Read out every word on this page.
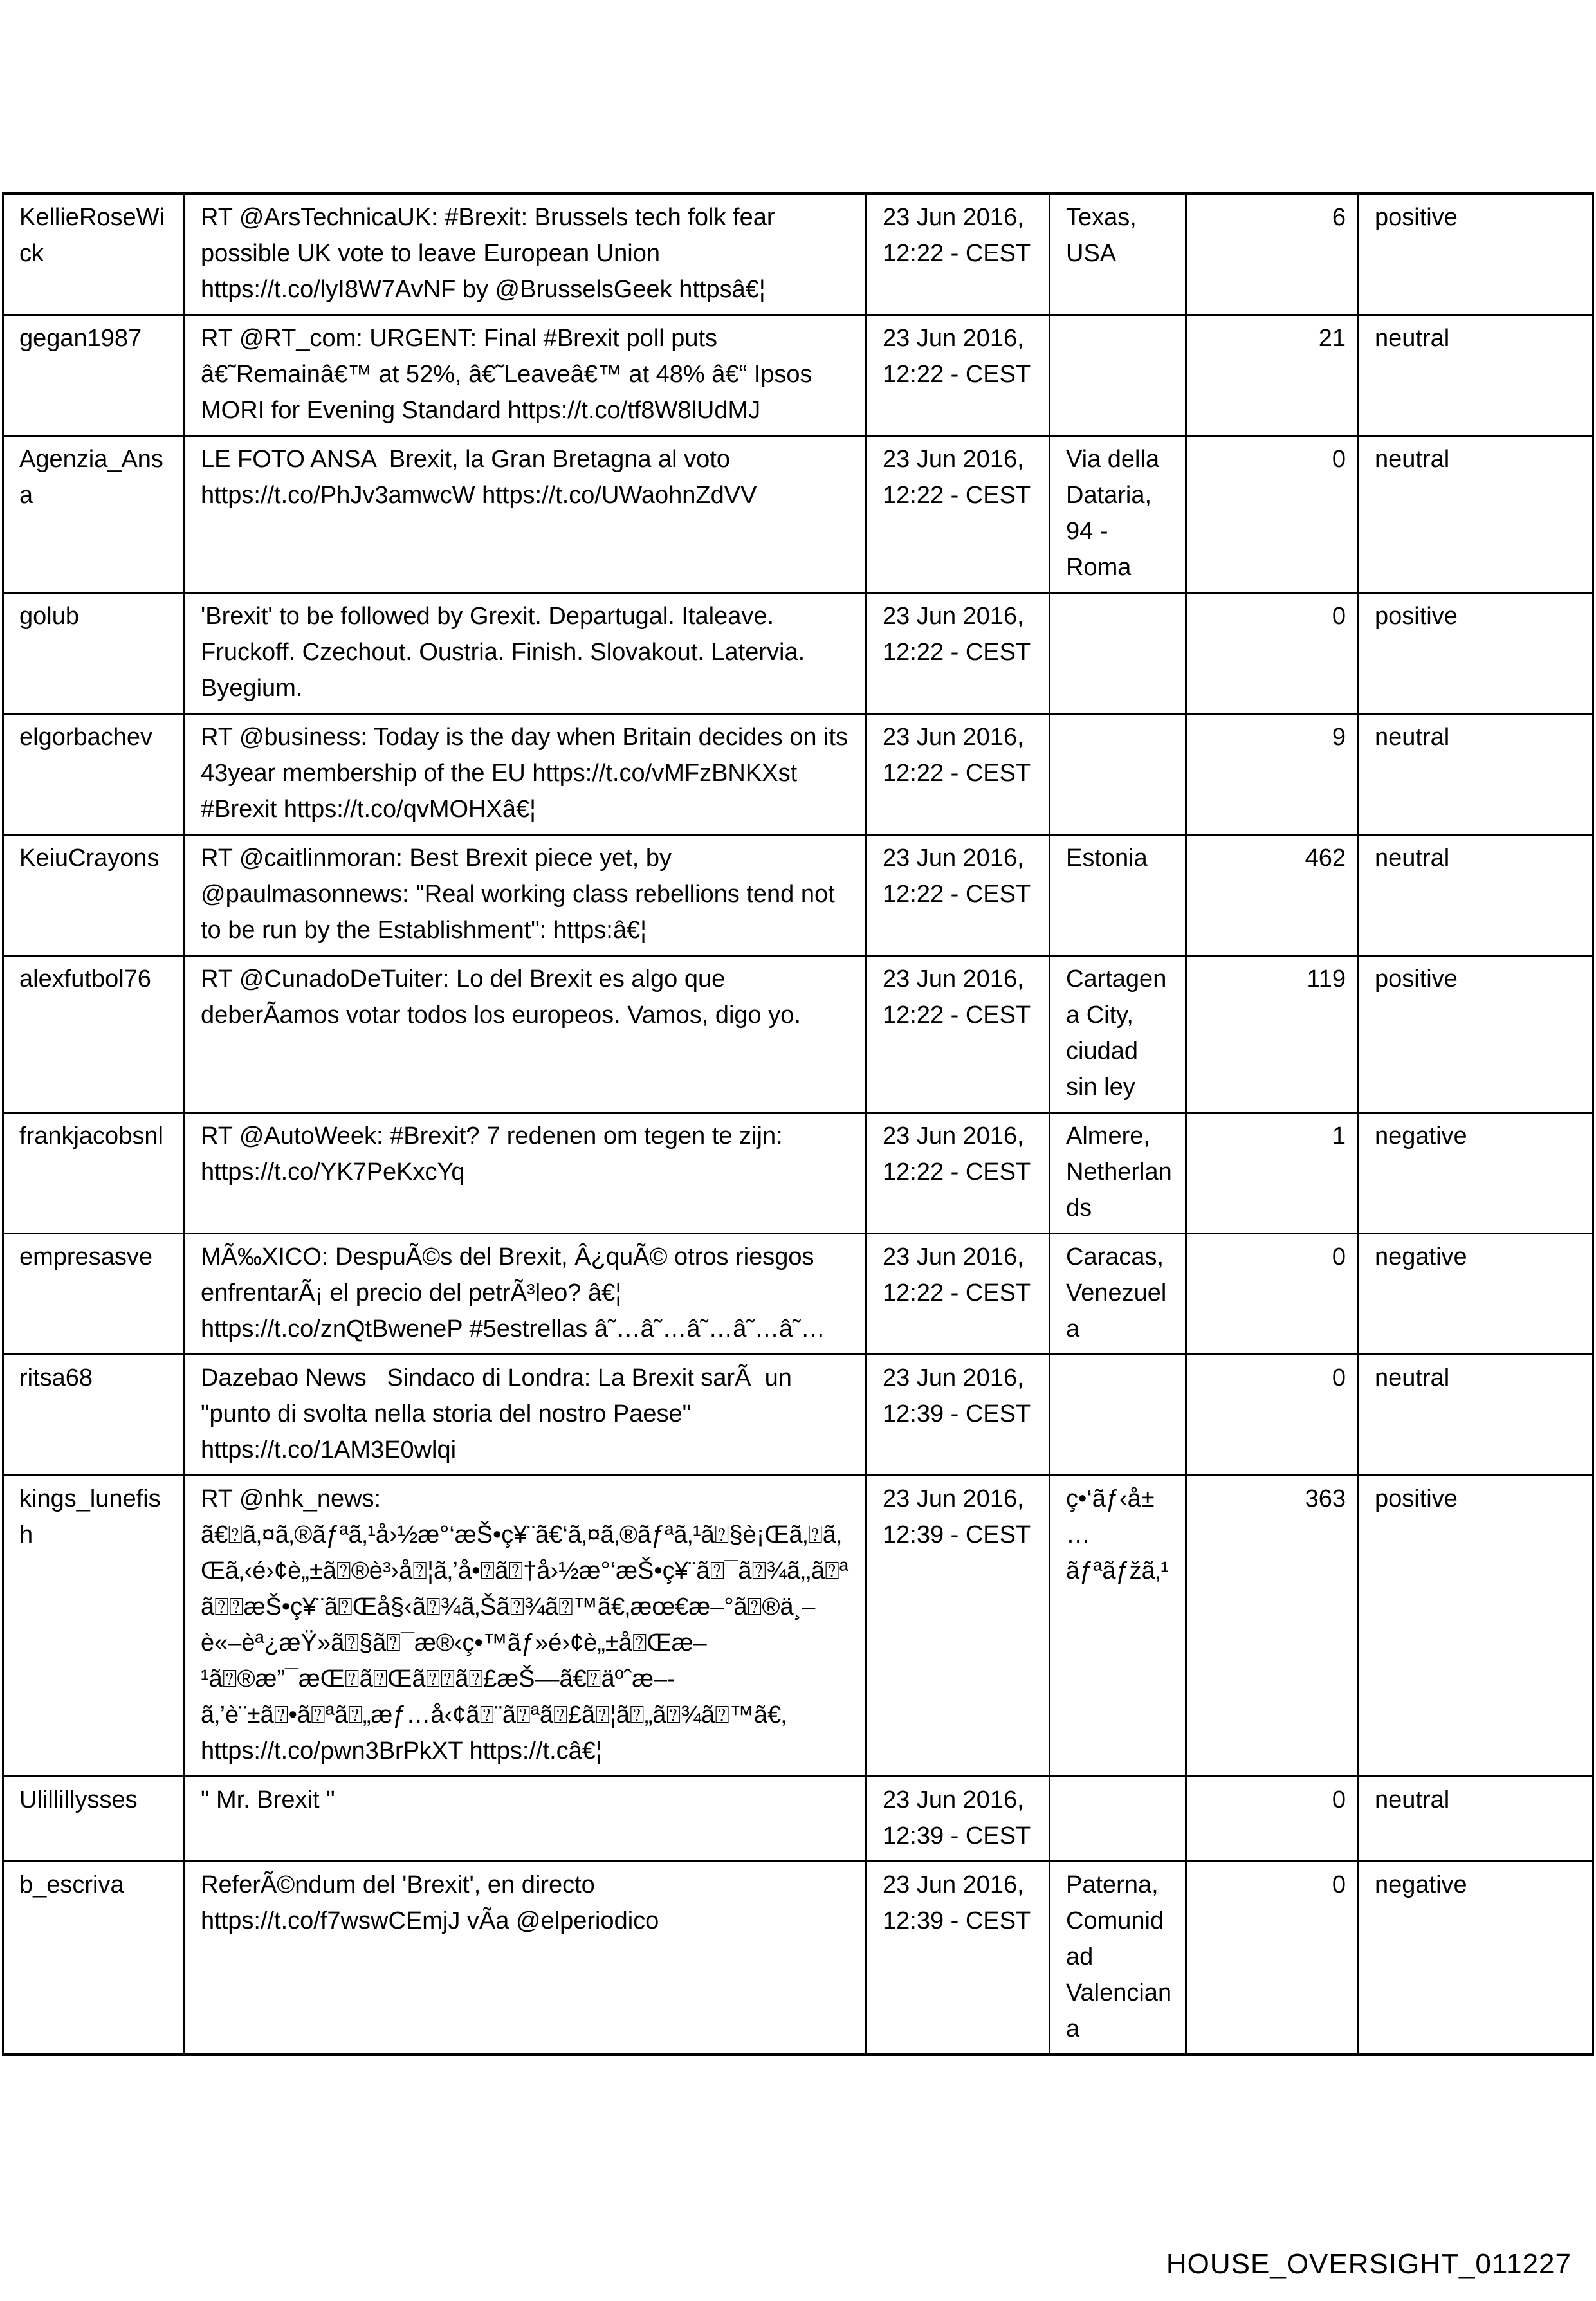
KellieRoseWick	RT @ArsTechnicaUK: #Brexit: Brussels tech folk fear possible UK vote to leave European Union https://t.co/lyI8W7AvNF by @BrusselsGeek httpsâ€¦	23 Jun 2016, 12:22 - CEST	Texas, USA	6	positive
gegan1987	RT @RT_com: URGENT: Final #Brexit poll puts â€˜Remainâ€™ at 52%, â€˜Leaveâ€™ at 48% â€“ Ipsos MORI for Evening Standard https://t.co/tf8W8lUdMJ	23 Jun 2016, 12:22 - CEST		21	neutral
Agenzia_Ansa	LE FOTO ANSA  Brexit, la Gran Bretagna al voto https://t.co/PhJv3amwcW https://t.co/UWaohnZdVV	23 Jun 2016, 12:22 - CEST	Via della Dataria, 94 - Roma	0	neutral
golub	'Brexit' to be followed by Grexit. Departugal. Italeave. Fruckoff. Czechout. Oustria. Finish. Slovakout. Latervia. Byegium.	23 Jun 2016, 12:22 - CEST		0	positive
elgorbachev	RT @business: Today is the day when Britain decides on its 43year membership of the EU https://t.co/vMFzBNKXst #Brexit https://t.co/qvMOHXâ€¦	23 Jun 2016, 12:22 - CEST		9	neutral
KeiuCrayons	RT @caitlinmoran: Best Brexit piece yet, by @paulmasonnews: "Real working class rebellions tend not to be run by the Establishment": https:â€¦	23 Jun 2016, 12:22 - CEST	Estonia	462	neutral
alexfutbol76	RT @CunadoDeTuiter: Lo del Brexit es algo que deberÃamos votar todos los europeos. Vamos, digo yo.	23 Jun 2016, 12:22 - CEST	Cartagena City, ciudad sin ley	119	positive
frankjacobsnl	RT @AutoWeek: #Brexit? 7 redenen om tegen te zijn: https://t.co/YK7PeKxcYq	23 Jun 2016, 12:22 - CEST	Almere, Netherlands	1	negative
empresasve	MÃ‰XICO: DespuÃ©s del Brexit, Â¿quÃ© otros riesgos enfrentarÃ¡ el precio del petrÃ³leo? â€¦ https://t.co/znQtBweneP #5estrellas â˜…â˜…â˜…â˜…â˜…	23 Jun 2016, 12:22 - CEST	Caracas, Venezuela	0	negative
ritsa68	Dazebao News   Sindaco di Londra: La Brexit sarÃ  un "punto di svolta nella storia del nostro Paese" https://t.co/1AM3E0wlqi	23 Jun 2016, 12:39 - CEST		0	neutral
kings_lunefish	RT @nhk_news: ã€⍰ã‚¤ã‚®ãƒªã‚¹å›½æ°‘æŠ•ç¥¨ã€‘ã‚¤ã‚®ãƒªã‚¹ã⍰§è¡Œã‚⍰ã‚Œã‚‹é›¢è„±ã⍰®è³›å⍰¦ã‚’å•⍰ã⍰†å›½æ°‘æŠ•ç¥¨ã⍰¯ã⍰¾ã‚‚ã⍰ªã⍰⍰æŠ•ç¥¨ã⍰Œå§‹ã⍰¾ã‚Šã⍰¾ã⍰™ã€‚æœ€æ–°ã⍰®ä¸–è«–èª¿æŸ»ã⍰§ã⍰¯æ®‹ç•™ãƒ»é›¢è„±å⍰Œæ–¹ã⍰®æ”¯æŒ⍰ã⍰Œã⍰⍰ã⍰£æŠ—ã€⍰äºˆæ–-ã‚’è¨±ã⍰•ã⍰ªã⍰„æƒ…å‹¢ã⍰¨ã⍰ªã⍰£ã⍰¦ã⍰„ã⍰¾ã⍰™ã€‚ https://t.co/pwn3BrPkXT https://t.câ€¦	23 Jun 2016, 12:39 - CEST	ç•‘ãƒ‹å±…ãƒªãƒžã‚¹	363	positive
Ulillillysses	" Mr. Brexit "	23 Jun 2016, 12:39 - CEST		0	neutral
b_escriva	ReferÃ©ndum del 'Brexit', en directo https://t.co/f7wswCEmjJ vÃa @elperiodico	23 Jun 2016, 12:39 - CEST	Paterna, Comunidad Valenciana	0	negative
HOUSE_OVERSIGHT_011227
